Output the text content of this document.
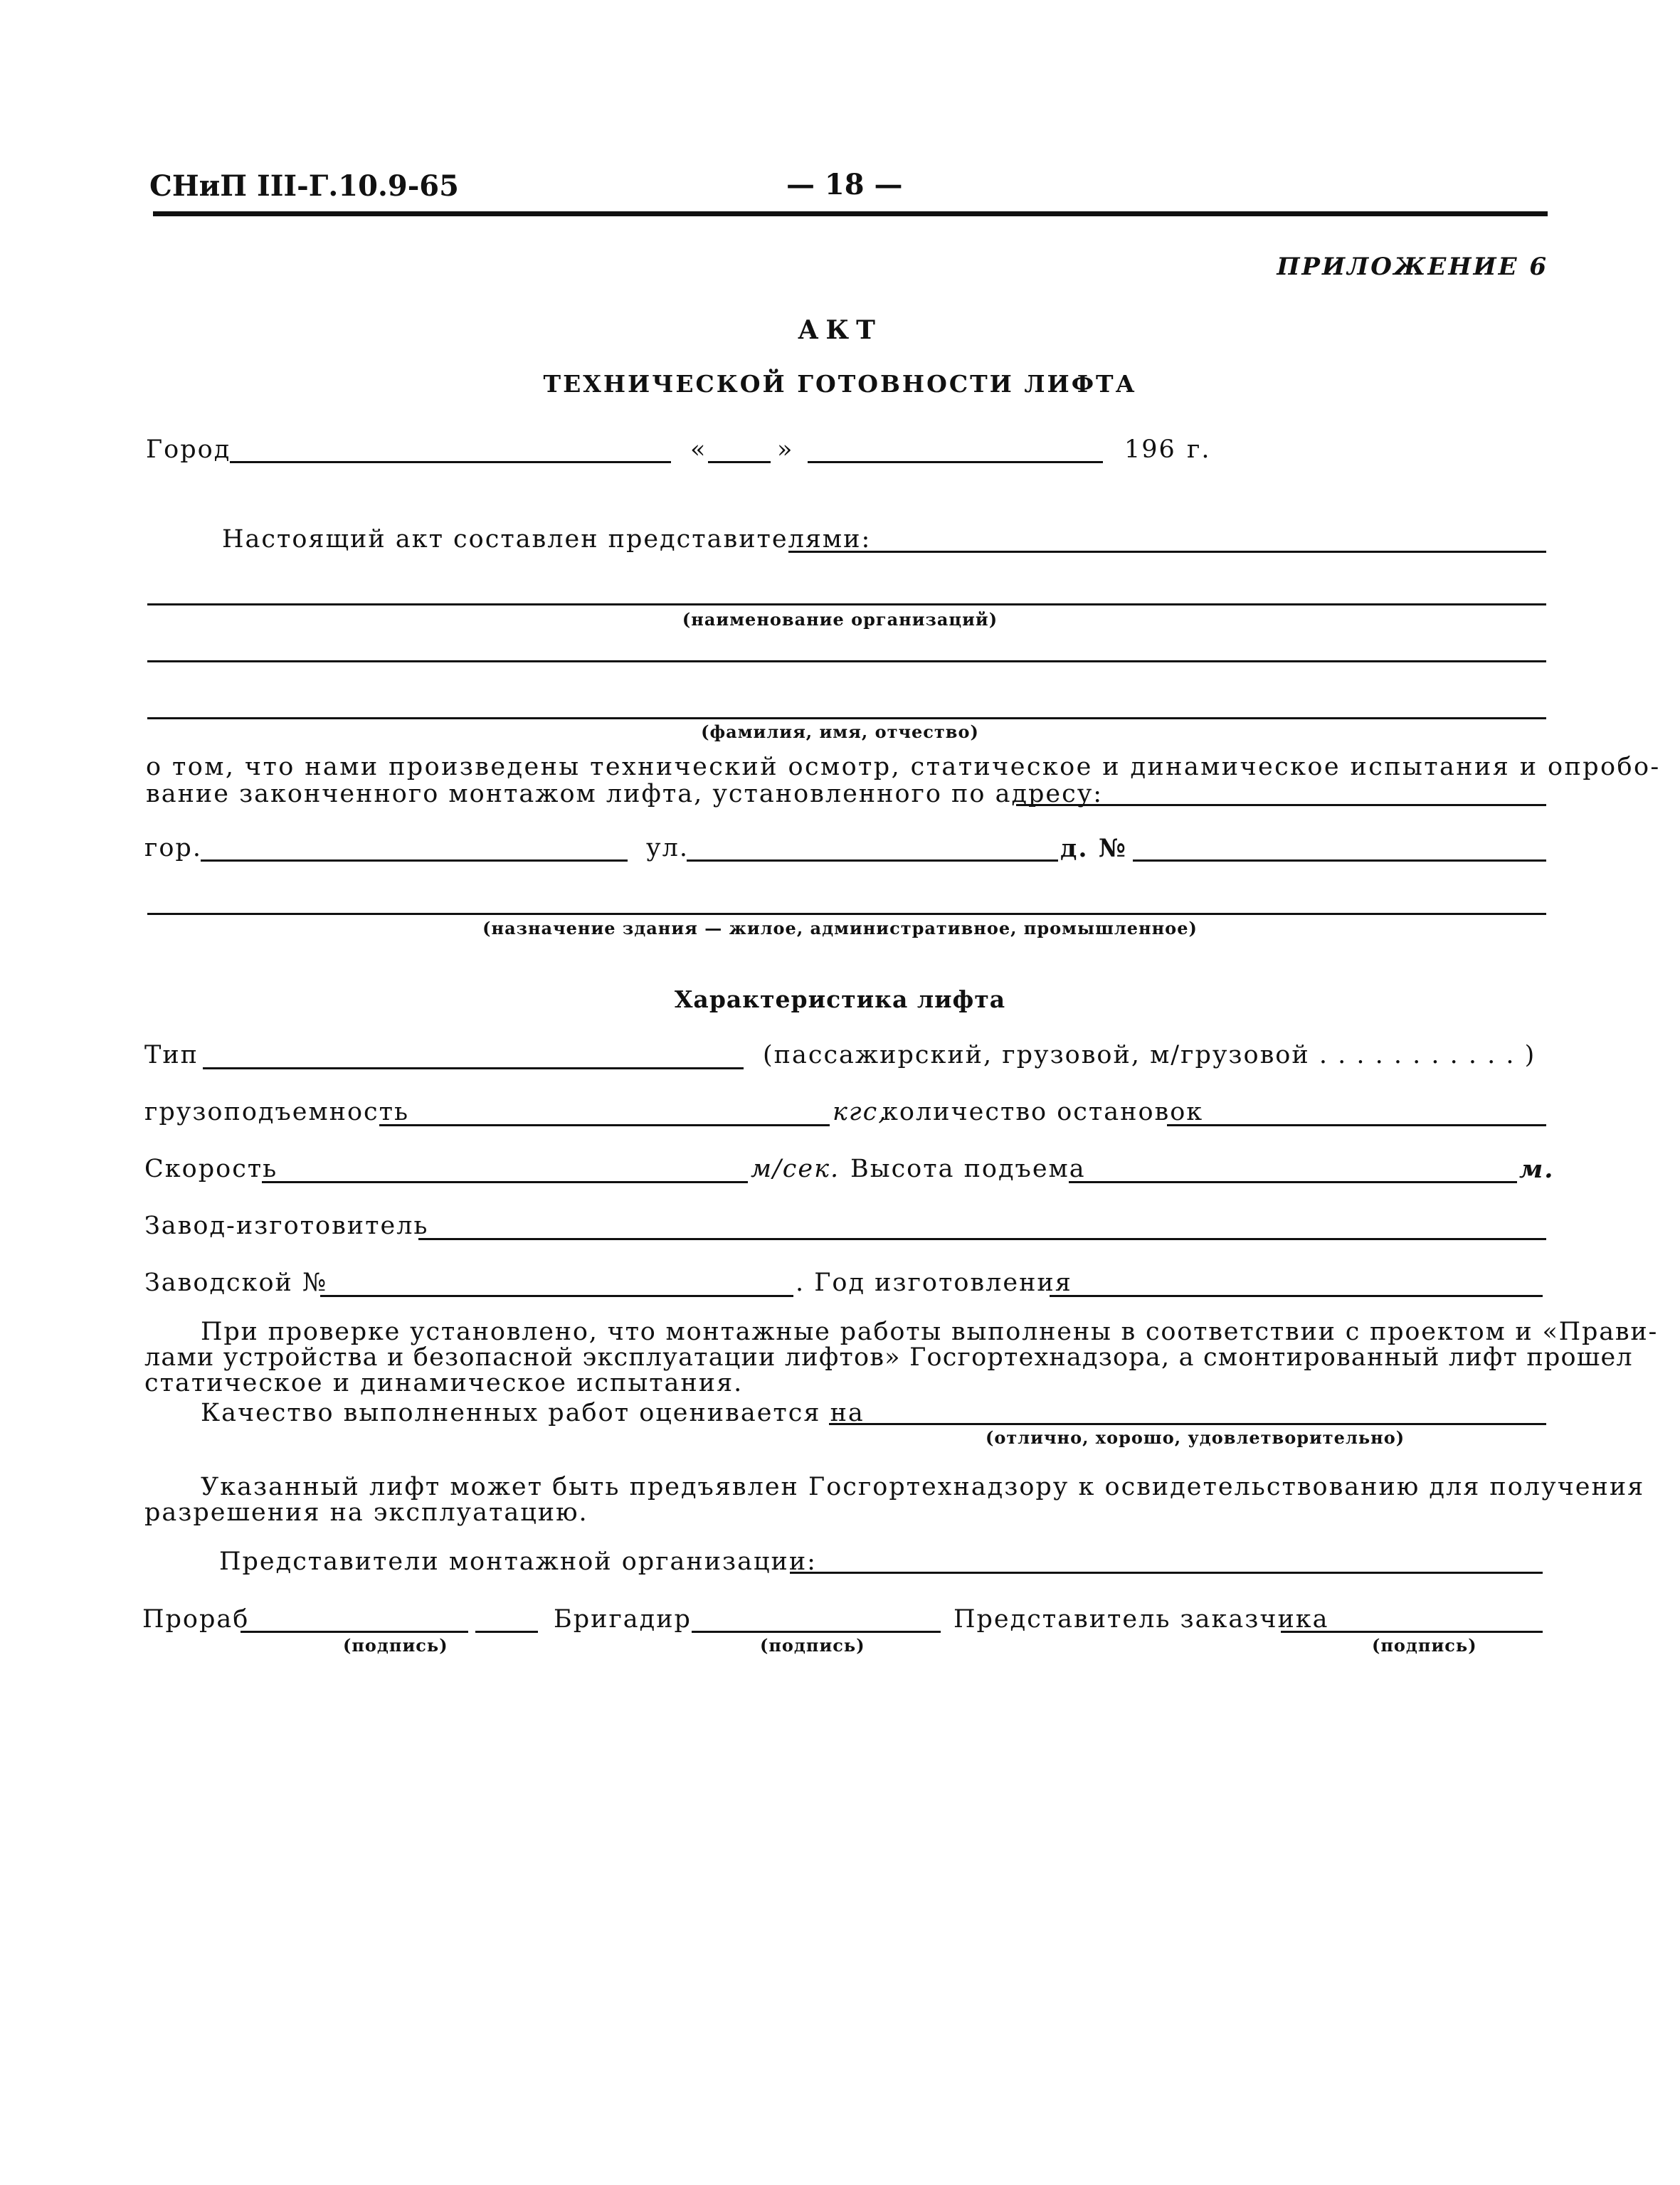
СНиП III-Г.10.9-65	— 18 —
ПРИЛОЖЕНИЕ 6
АКТ
ТЕХНИЧЕСКОЙ ГОТОВНОСТИ ЛИФТА
Город	«	»	196 г.
Настоящий акт составлен представителями:
(наименование организаций)
(фамилия, имя, отчество)
о том, что нами произведены технический осмотр, статическое и динамическое испытания и опробо-
вание законченного монтажом лифта, установленного по адресу:
гор.	ул.	д. №
(назначение здания — жилое, административное, промышленное)
Характеристика лифта
Тип	(пассажирский, грузовой, м/грузовой . . . . . . . . . . . )
грузоподъемность	кгс,
количество остановок
Скорость	м/сек. Высота подъема	м.
Завод-изготовитель
Заводской №	. Год изготовления
При проверке установлено, что монтажные работы выполнены в соответствии с проектом и «Прави-
лами устройства и безопасной эксплуатации лифтов» Госгортехнадзора, а смонтированный лифт прошел
статическое и динамическое испытания.
Качество выполненных работ оценивается на
(отлично, хорошо, удовлетворительно)
Указанный лифт может быть предъявлен Госгортехнадзору к освидетельствованию для получения
разрешения на эксплуатацию.
Представители монтажной организации:
Прораб
(подпись)
Бригадир
(подпись)
Представитель заказчика
(подпись)
